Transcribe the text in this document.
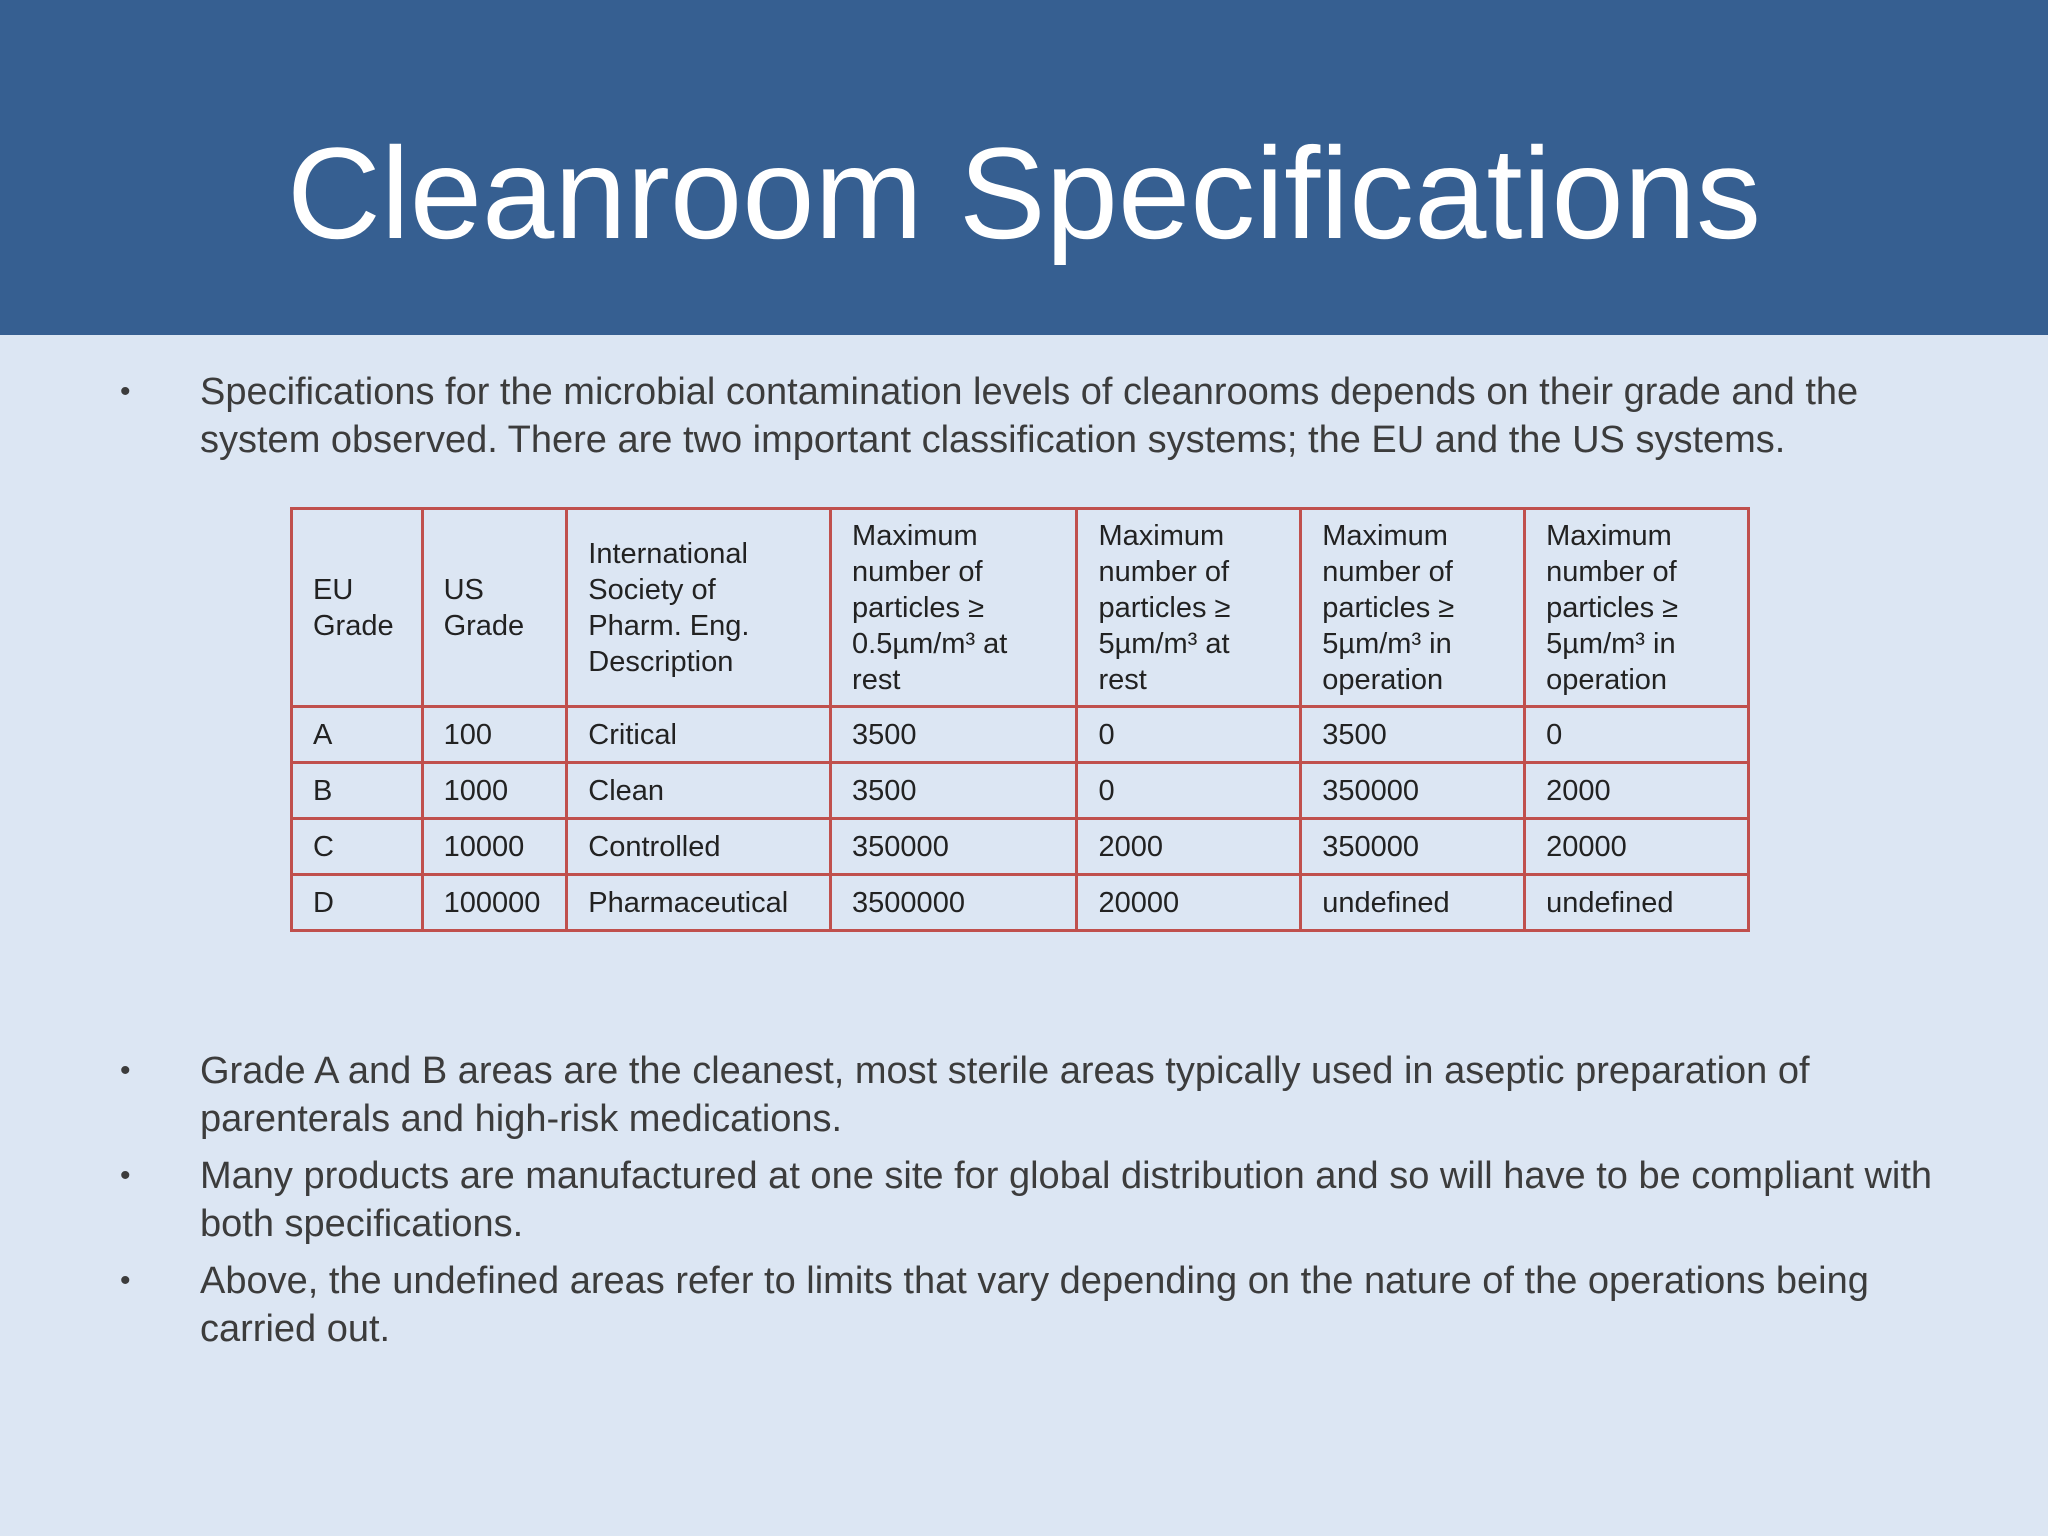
Cleanroom Specifications
•	Specifications for the microbial contamination levels of cleanrooms depends on their grade and the system observed. There are two important classification systems; the EU and the US systems.
EU Grade	US Grade	International Society of Pharm. Eng. Description	Maximum number of particles ≥ 0.5µm/m³ at rest	Maximum number of particles ≥ 5µm/m³ at rest	Maximum number of particles ≥ 5µm/m³ in operation	Maximum number of particles ≥ 5µm/m³ in operation
A	100	Critical	3500	0	3500	0
B	1000	Clean	3500	0	350000	2000
C	10000	Controlled	350000	2000	350000	20000
D	100000	Pharmaceutical	3500000	20000	undefined	undefined
•	Grade A and B areas are the cleanest, most sterile areas typically used in aseptic preparation of parenterals and high-risk medications.
•	Many products are manufactured at one site for global distribution and so will have to be compliant with both specifications.
•	Above, the undefined areas refer to limits that vary depending on the nature of the operations being carried out.
